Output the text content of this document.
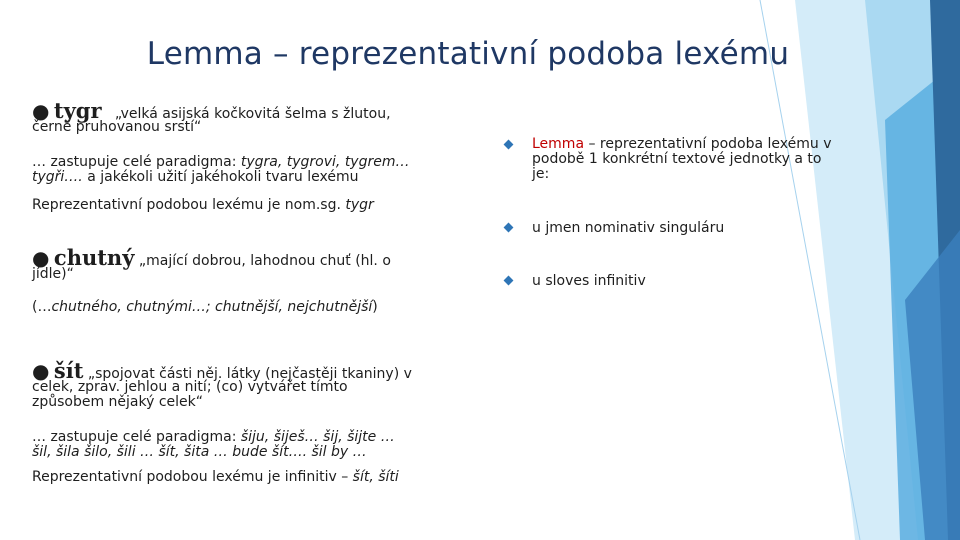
Lemma – reprezentativní podoba lexému
● tygr „velká asijská kočkovitá šelma s žlutou,
černě pruhovanou srstí“
… zastupuje celé paradigma: tygra, tygrovi, tygrem…
tygři…. a jakékoli užití jakéhokoli tvaru lexému
Reprezentativní podobou lexému je nom.sg. tygr
● chutný „mající dobrou, lahodnou chuť (hl. o
jídle)“
(…chutného, chutnými…; chutnější, nejchutnější)
● šít „spojovat části něj. látky (nejčastěji tkaniny) v
celek, zprav. jehlou a nití; (co) vytvářet tímto
způsobem nějaký celek“
… zastupuje celé paradigma: šiju, šiješ… šij, šijte …
šil, šila šilo, šili … šít, šita … bude šít…. šil by …
Reprezentativní podobou lexému je infinitiv – šít, šíti
Lemma – reprezentativní podoba lexému v
podobě 1 konkrétní textové jednotky a to
je:
u jmen nominativ singuláru
u sloves infinitiv
